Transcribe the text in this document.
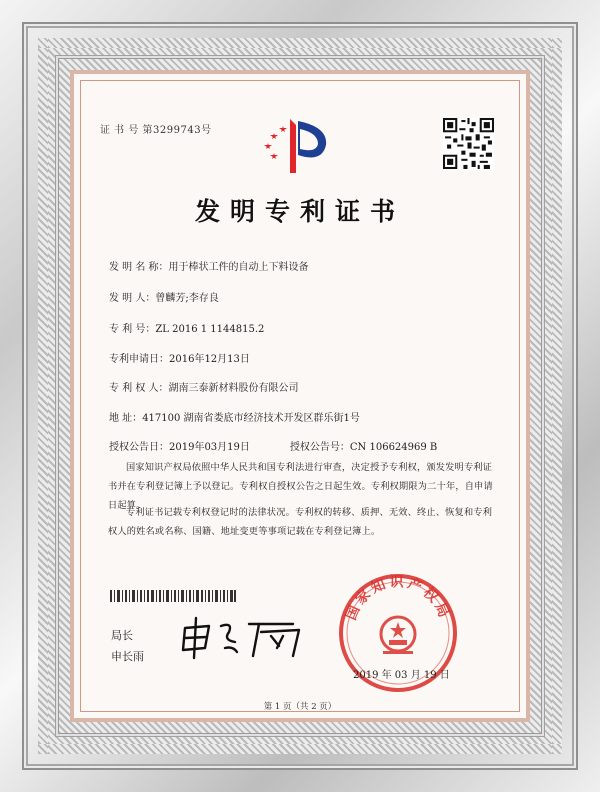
证 书 号 第3299743号
发明专利证书
发 明 名 称：用于棒状工件的自动上下料设备
发 明 人：曾麟芳;李存良
专 利 号：ZL 2016 1 1144815.2
专利申请日：2016年12月13日
专 利 权 人：湖南三泰新材料股份有限公司
地 址：417100 湖南省娄底市经济技术开发区群乐街1号
授权公告日：2019年03月19日	授权公告号：CN 106624969 B
国家知识产权局依照中华人民共和国专利法进行审查，决定授予专利权，颁发发明专利证书并在专利登记簿上予以登记。专利权自授权公告之日起生效。专利权期限为二十年，自申请日起算。
专利证书记载专利权登记时的法律状况。专利权的转移、质押、无效、终止、恢复和专利权人的姓名或名称、国籍、地址变更等事项记载在专利登记簿上。
局长
申长雨
国家知识产权局
2019 年 03 月 19 日
第 1 页（共 2 页）
